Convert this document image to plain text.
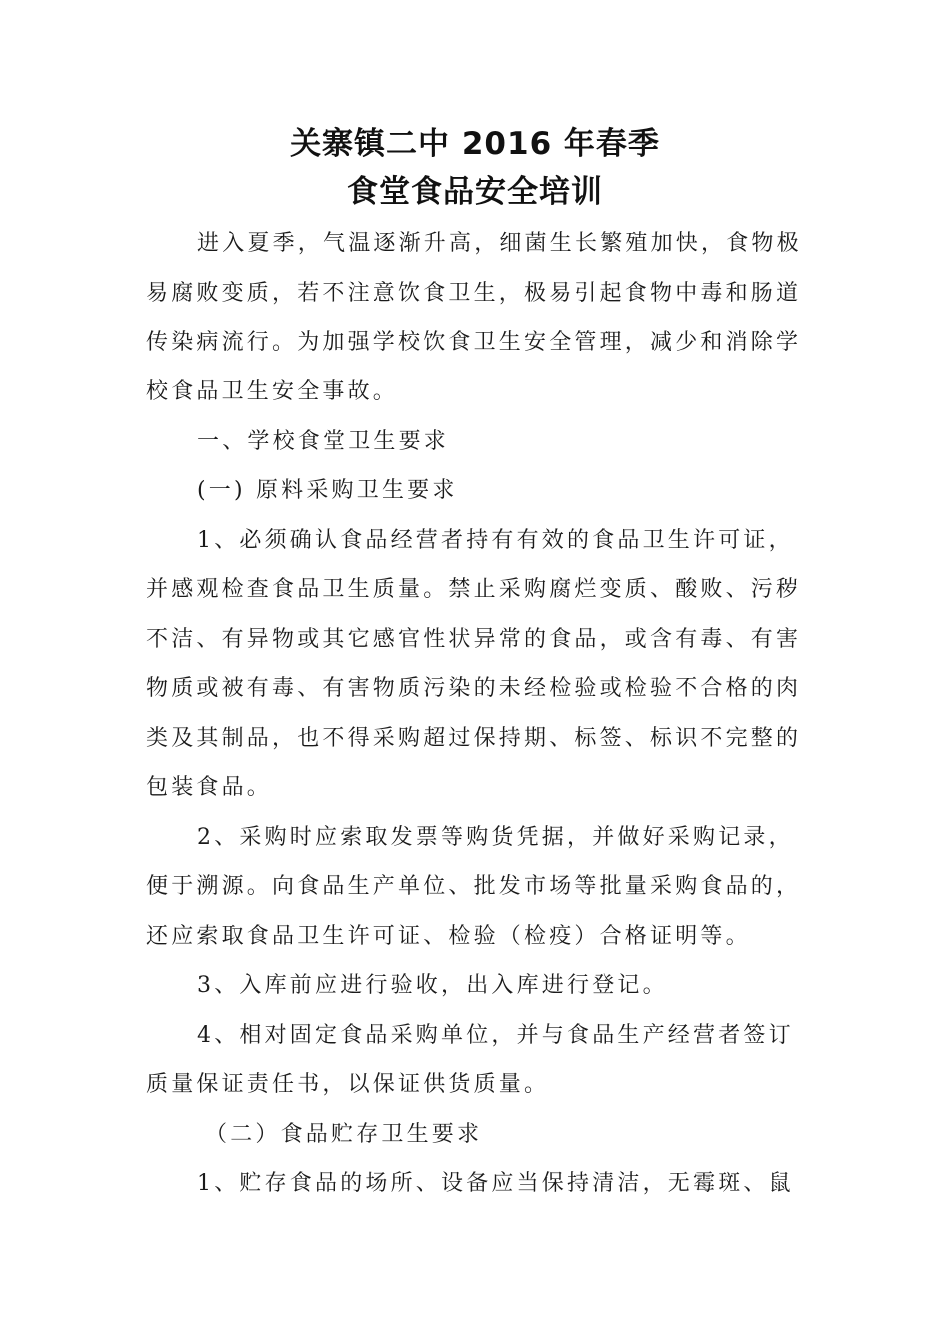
关寨镇二中 2016 年春季
食堂食品安全培训
进入夏季，气温逐渐升高，细菌生长繁殖加快，食物极
易腐败变质，若不注意饮食卫生，极易引起食物中毒和肠道
传染病流行。为加强学校饮食卫生安全管理，减少和消除学
校食品卫生安全事故。
一、学校食堂卫生要求
(一) 原料采购卫生要求
1、必须确认食品经营者持有有效的食品卫生许可证，
并感观检查食品卫生质量。禁止采购腐烂变质、酸败、污秽
不洁、有异物或其它感官性状异常的食品，或含有毒、有害
物质或被有毒、有害物质污染的未经检验或检验不合格的肉
类及其制品，也不得采购超过保持期、标签、标识不完整的
包装食品。
2、采购时应索取发票等购货凭据，并做好采购记录，
便于溯源。向食品生产单位、批发市场等批量采购食品的，
还应索取食品卫生许可证、检验（检疫）合格证明等。
3、入库前应进行验收，出入库进行登记。
4、相对固定食品采购单位，并与食品生产经营者签订
质量保证责任书，以保证供货质量。
（二）食品贮存卫生要求
1、贮存食品的场所、设备应当保持清洁，无霉斑、鼠
